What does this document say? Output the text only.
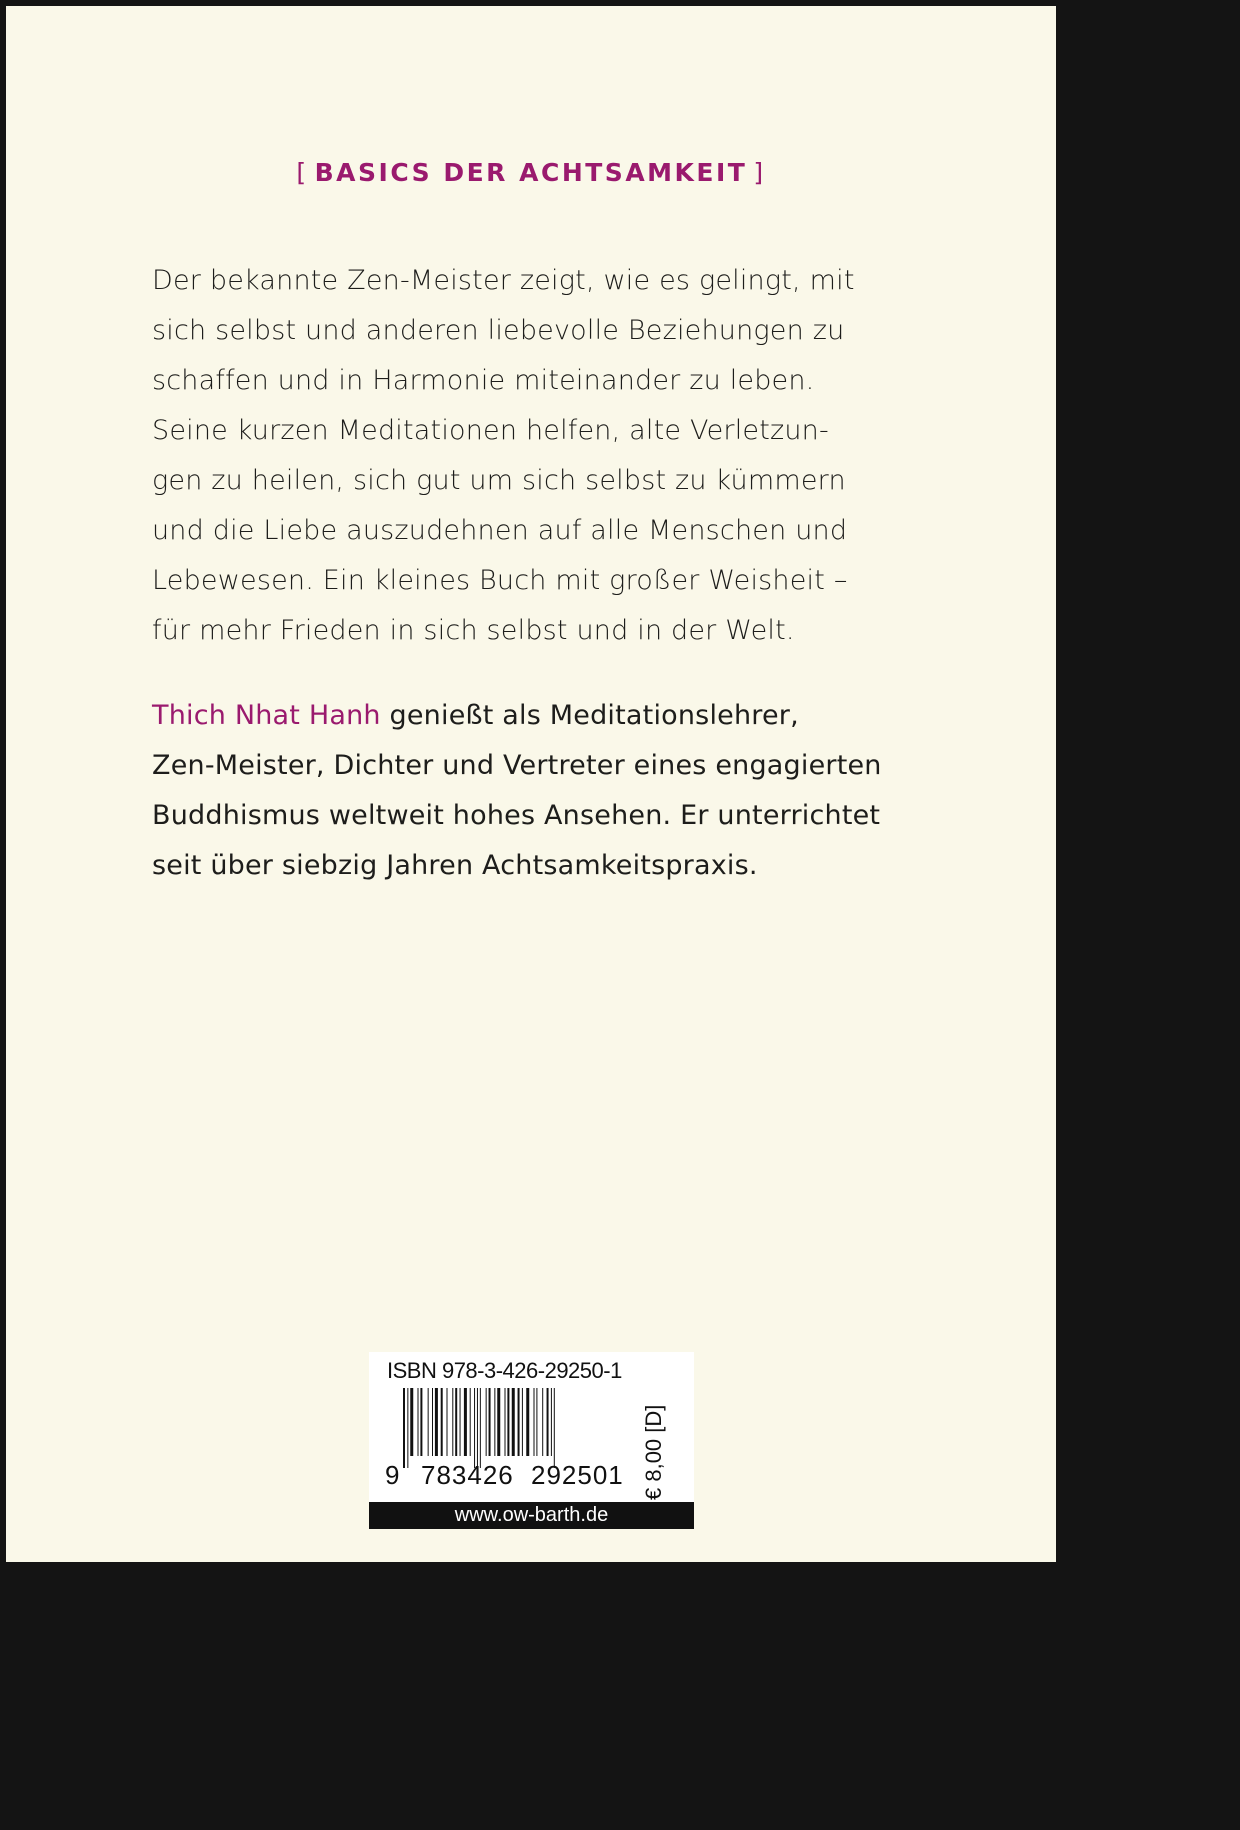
[ BASICS DER ACHTSAMKEIT ]
Der bekannte Zen-Meister zeigt, wie es gelingt, mit
sich selbst und anderen liebevolle Beziehungen zu
schaffen und in Harmonie miteinander zu leben.
Seine kurzen Meditationen helfen, alte Verletzun-
gen zu heilen, sich gut um sich selbst zu kümmern
und die Liebe auszudehnen auf alle Menschen und
Lebewesen. Ein kleines Buch mit großer Weisheit –
für mehr Frieden in sich selbst und in der Welt.
Thich Nhat Hanh genießt als Meditationslehrer,
Zen-Meister, Dichter und Vertreter eines engagierten
Buddhismus weltweit hohes Ansehen. Er unterrichtet
seit über siebzig Jahren Achtsamkeitspraxis.
ISBN 978-3-426-29250-1
9 783426 292501 € 8,00 [D]
www.ow-barth.de
